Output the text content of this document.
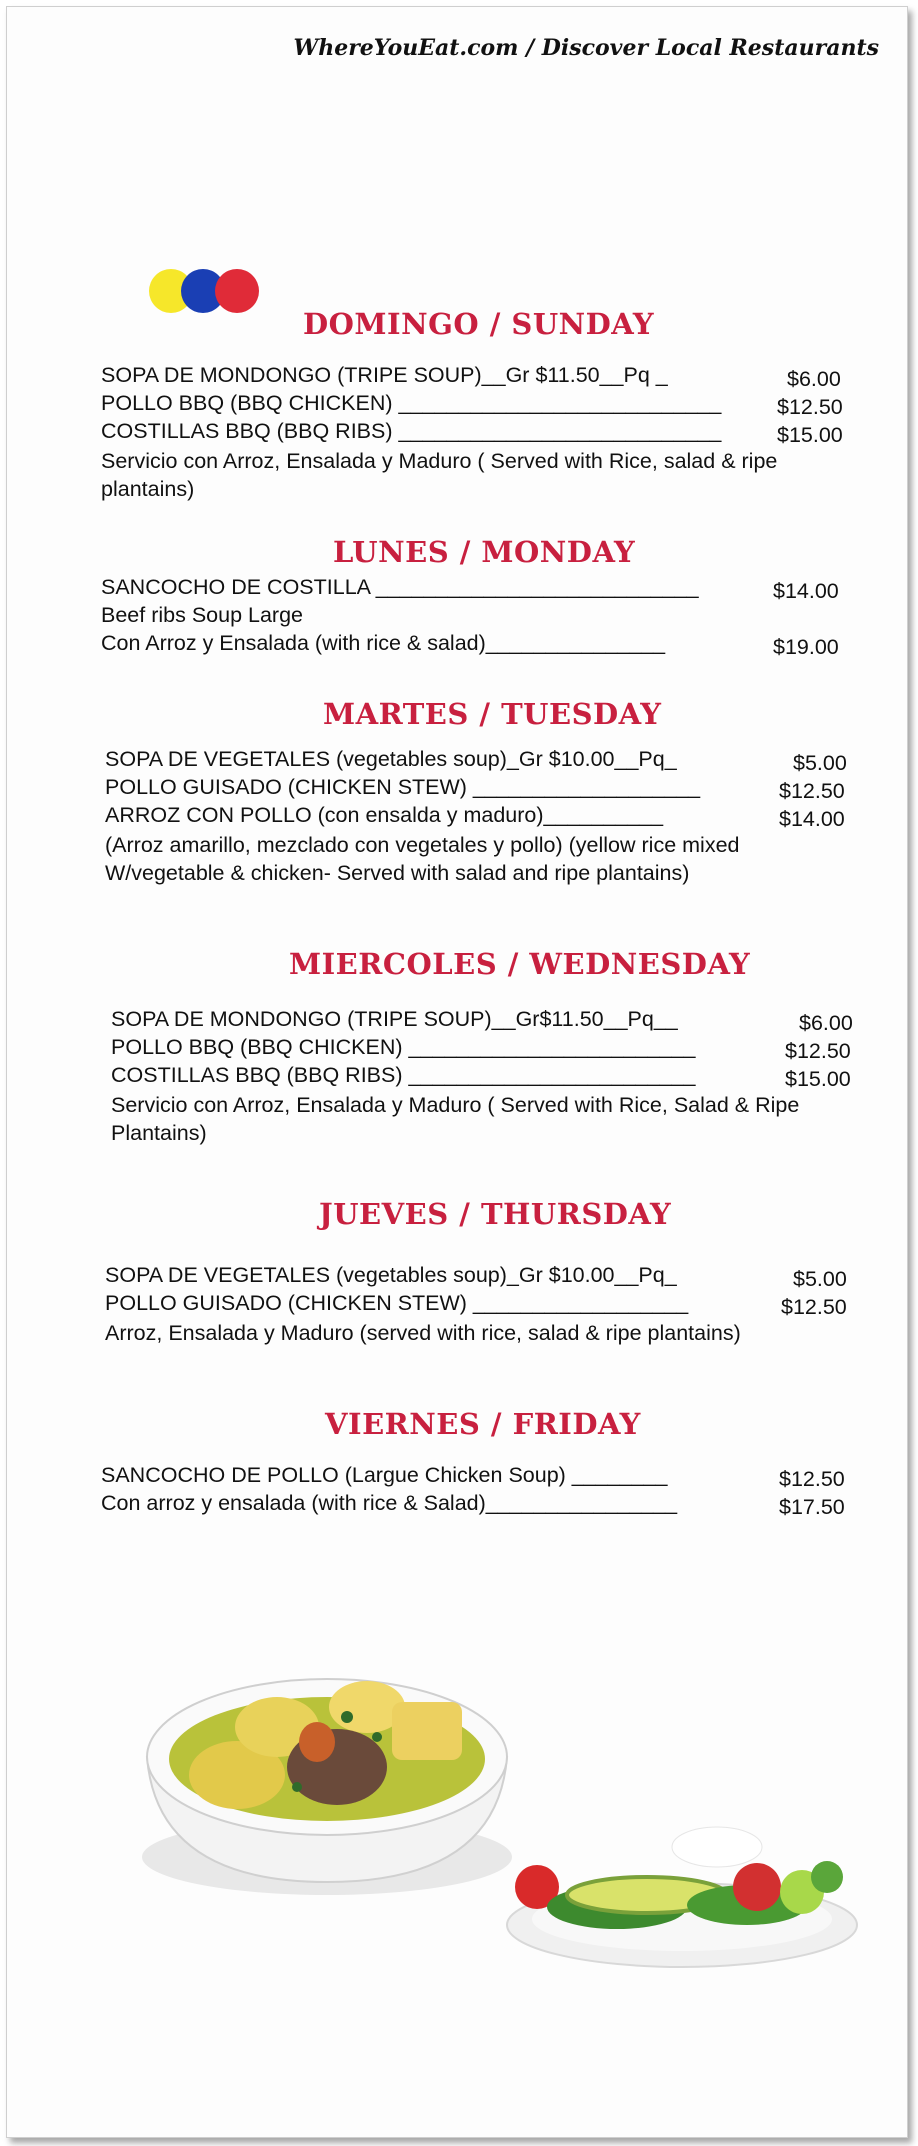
WhereYouEat.com / Discover Local Restaurants
DOMINGO / SUNDAY
SOPA DE MONDONGO (TRIPE SOUP)__Gr $11.50__Pq _	$6.00
POLLO BBQ (BBQ CHICKEN) ___________________________	$12.50
COSTILLAS BBQ (BBQ RIBS) ___________________________	$15.00
Servicio con Arroz, Ensalada y Maduro ( Served with Rice, salad & ripe plantains)
LUNES / MONDAY
SANCOCHO DE COSTILLA ___________________________	$14.00
Beef ribs Soup Large
Con Arroz y Ensalada (with rice & salad)_______________	$19.00
MARTES / TUESDAY
SOPA DE VEGETALES (vegetables soup)_Gr $10.00__Pq_	$5.00
POLLO GUISADO (CHICKEN STEW) ___________________	$12.50
ARROZ CON POLLO (con ensalda y maduro)__________	$14.00
(Arroz amarillo, mezclado con vegetales y pollo) (yellow rice mixed W/vegetable & chicken- Served with salad and ripe plantains)
MIERCOLES / WEDNESDAY
SOPA DE MONDONGO (TRIPE SOUP)__Gr$11.50__Pq__	$6.00
POLLO BBQ (BBQ CHICKEN) ________________________	$12.50
COSTILLAS BBQ (BBQ RIBS) ________________________	$15.00
Servicio con Arroz, Ensalada y Maduro ( Served with Rice, Salad & Ripe Plantains)
JUEVES / THURSDAY
SOPA DE VEGETALES (vegetables soup)_Gr $10.00__Pq_	$5.00
POLLO GUISADO (CHICKEN STEW) __________________	$12.50
Arroz, Ensalada y Maduro (served with rice, salad & ripe plantains)
VIERNES / FRIDAY
SANCOCHO DE POLLO (Largue Chicken Soup) ________	$12.50
Con arroz y ensalada (with rice & Salad)________________	$17.50
